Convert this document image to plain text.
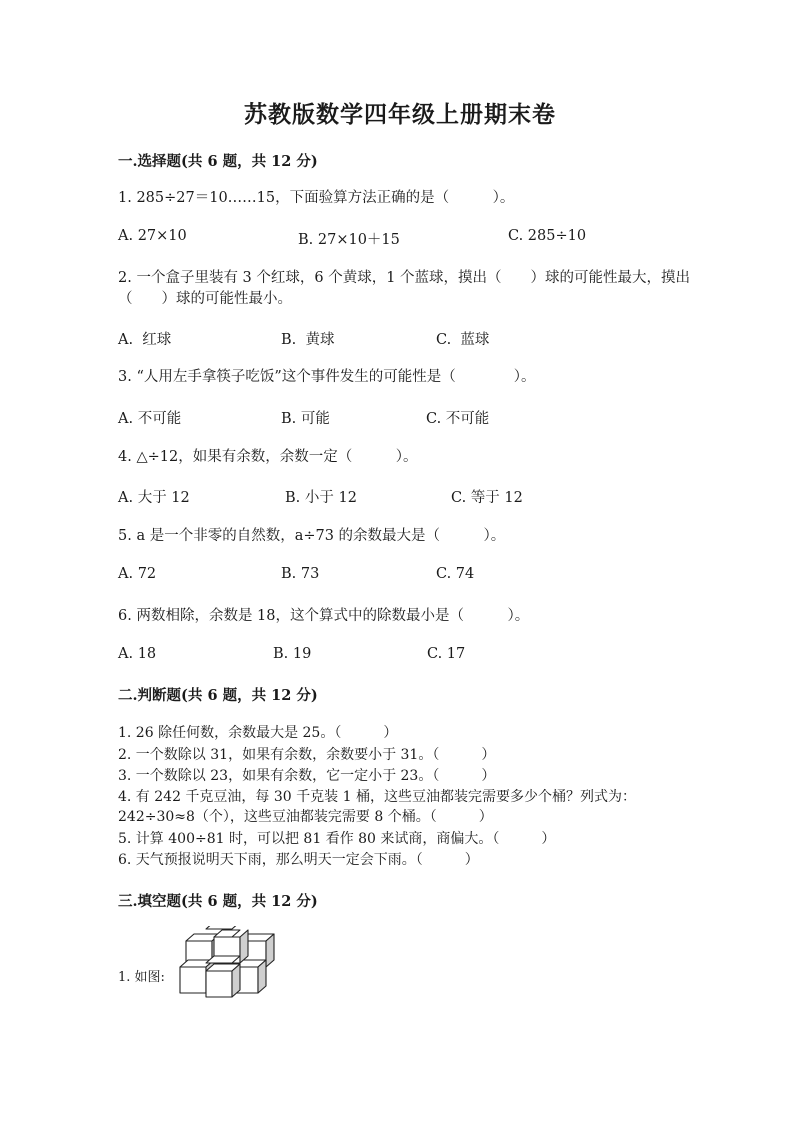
苏教版数学四年级上册期末卷
一.选择题(共 6 题，共 12 分)
1. 285÷27＝10……15，下面验算方法正确的是（　　　）。
A. 27×10	B. 27×10＋15	C. 285÷10
2. 一个盒子里装有 3 个红球，6 个黄球，1 个蓝球，摸出（　　）球的可能性最大，摸出（　　）球的可能性最小。
A.  红球	B.  黄球	C.  蓝球
3. “人用左手拿筷子吃饭”这个事件发生的可能性是（　　　　）。
A. 不可能	B. 可能	C. 不可能
4. △÷12，如果有余数，余数一定（　　　）。
A. 大于 12	B. 小于 12	C. 等于 12
5. a 是一个非零的自然数，a÷73 的余数最大是（　　　）。
A. 72	B. 73	C. 74
6. 两数相除，余数是 18，这个算式中的除数最小是（　　　）。
A. 18	B. 19	C. 17
二.判断题(共 6 题，共 12 分)
1. 26 除任何数，余数最大是 25。（　　　）
2. 一个数除以 31，如果有余数，余数要小于 31。（　　　）
3. 一个数除以 23，如果有余数，它一定小于 23。（　　　）
4. 有 242 千克豆油，每 30 千克装 1 桶，这些豆油都装完需要多少个桶？列式为：242÷30≈8（个），这些豆油都装完需要 8 个桶。（　　　）
5. 计算 400÷81 时，可以把 81 看作 80 来试商，商偏大。（　　　）
6. 天气预报说明天下雨，那么明天一定会下雨。（　　　）
三.填空题(共 6 题，共 12 分)
1. 如图:
